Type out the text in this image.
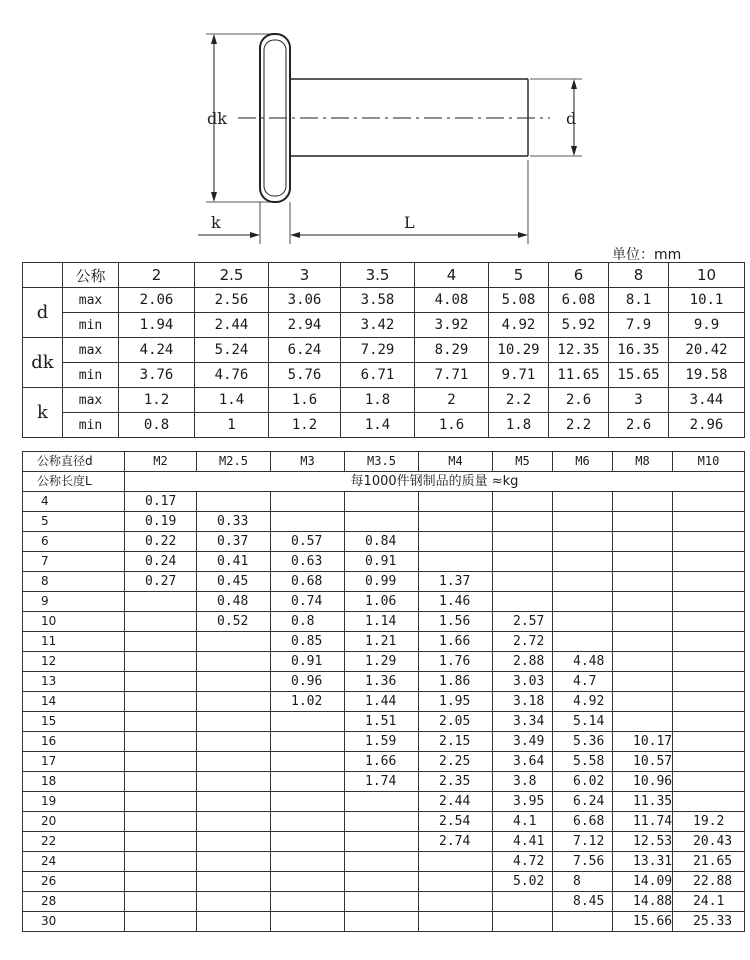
dk	d
k	L
单位：mm
	公称	2	2.5	3	3.5	4	5	6	8	10
d	max	2.06	2.56	3.06	3.58	4.08	5.08	6.08	8.1	10.1
	min	1.94	2.44	2.94	3.42	3.92	4.92	5.92	7.9	9.9
dk	max	4.24	5.24	6.24	7.29	8.29	10.29	12.35	16.35	20.42
	min	3.76	4.76	5.76	6.71	7.71	9.71	11.65	15.65	19.58
k	max	1.2	1.4	1.6	1.8	2	2.2	2.6	3	3.44
	min	0.8	1	1.2	1.4	1.6	1.8	2.2	2.6	2.96
公称直径d	M2	M2.5	M3	M3.5	M4	M5	M6	M8	M10
公称长度L	每1000件钢制品的质量 ≈kg								
4	0.17								
5	0.19	0.33							
6	0.22	0.37	0.57	0.84					
7	0.24	0.41	0.63	0.91					
8	0.27	0.45	0.68	0.99	1.37				
9		0.48	0.74	1.06	1.46				
10		0.52	0.8	1.14	1.56	2.57			
11			0.85	1.21	1.66	2.72			
12			0.91	1.29	1.76	2.88	4.48		
13			0.96	1.36	1.86	3.03	4.7		
14			1.02	1.44	1.95	3.18	4.92		
15				1.51	2.05	3.34	5.14		
16				1.59	2.15	3.49	5.36	10.17	
17				1.66	2.25	3.64	5.58	10.57	
18				1.74	2.35	3.8	6.02	10.96	
19					2.44	3.95	6.24	11.35	
20					2.54	4.1	6.68	11.74	19.2
22					2.74	4.41	7.12	12.53	20.43
24						4.72	7.56	13.31	21.65
26						5.02	8	14.09	22.88
28							8.45	14.88	24.1
30								15.66	25.33
